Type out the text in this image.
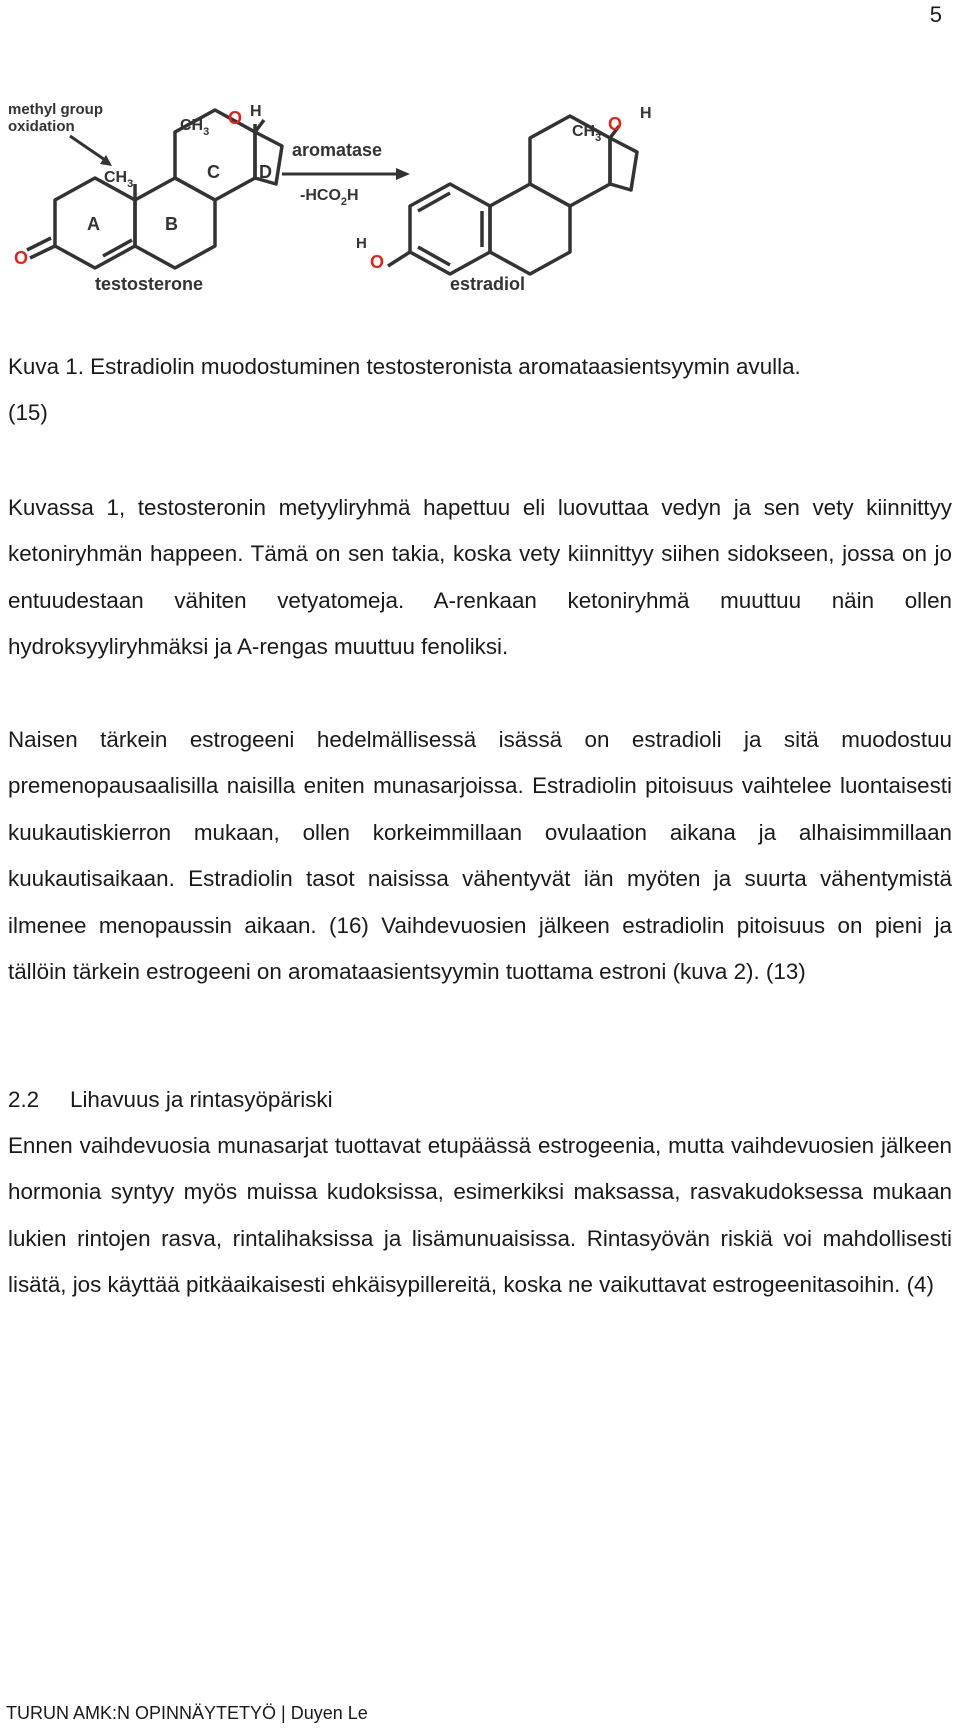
5
methyl group
oxidation
$CH_3$
$CH_3$
O H
A	B
C D
O
testosterone
aromatase
$-HCO_2H$
$CH_3$
O
H
O
H
estradiol
Kuva 1. Estradiolin muodostuminen testosteronista aromataasientsyymin avulla.
(15)
Kuvassa 1, testosteronin metyyliryhmä hapettuu eli luovuttaa vedyn ja sen vety kiinnittyy ketoniryhmän happeen. Tämä on sen takia, koska vety kiinnittyy siihen sidokseen, jossa on jo entuudestaan vähiten vetyatomeja. A-renkaan ketoniryhmä muuttuu näin ollen hydroksyyliryhmäksi ja A-rengas muuttuu fenoliksi.
Naisen tärkein estrogeeni hedelmällisessä isässä on estradioli ja sitä muodostuu premenopausaalisilla naisilla eniten munasarjoissa. Estradiolin pitoisuus vaihtelee luontaisesti kuukautiskierron mukaan, ollen korkeimmillaan ovulaation aikana ja alhaisimmillaan kuukautisaikaan. Estradiolin tasot naisissa vähentyvät iän myöten ja suurta vähentymistä ilmenee menopaussin aikaan. (16) Vaihdevuosien jälkeen estradiolin pitoisuus on pieni ja tällöin tärkein estrogeeni on aromataasientsyymin tuottama estroni (kuva 2). (13)
2.2 Lihavuus ja rintasyöpäriski
Ennen vaihdevuosia munasarjat tuottavat etupäässä estrogeenia, mutta vaihdevuosien jälkeen hormonia syntyy myös muissa kudoksissa, esimerkiksi maksassa, rasvakudoksessa mukaan lukien rintojen rasva, rintalihaksissa ja lisämunuaisissa. Rintasyövän riskiä voi mahdollisesti lisätä, jos käyttää pitkäaikaisesti ehkäisypillereitä, koska ne vaikuttavat estrogeenitasoihin. (4)
TURUN AMK:N OPINNÄYTETYÖ | Duyen Le
